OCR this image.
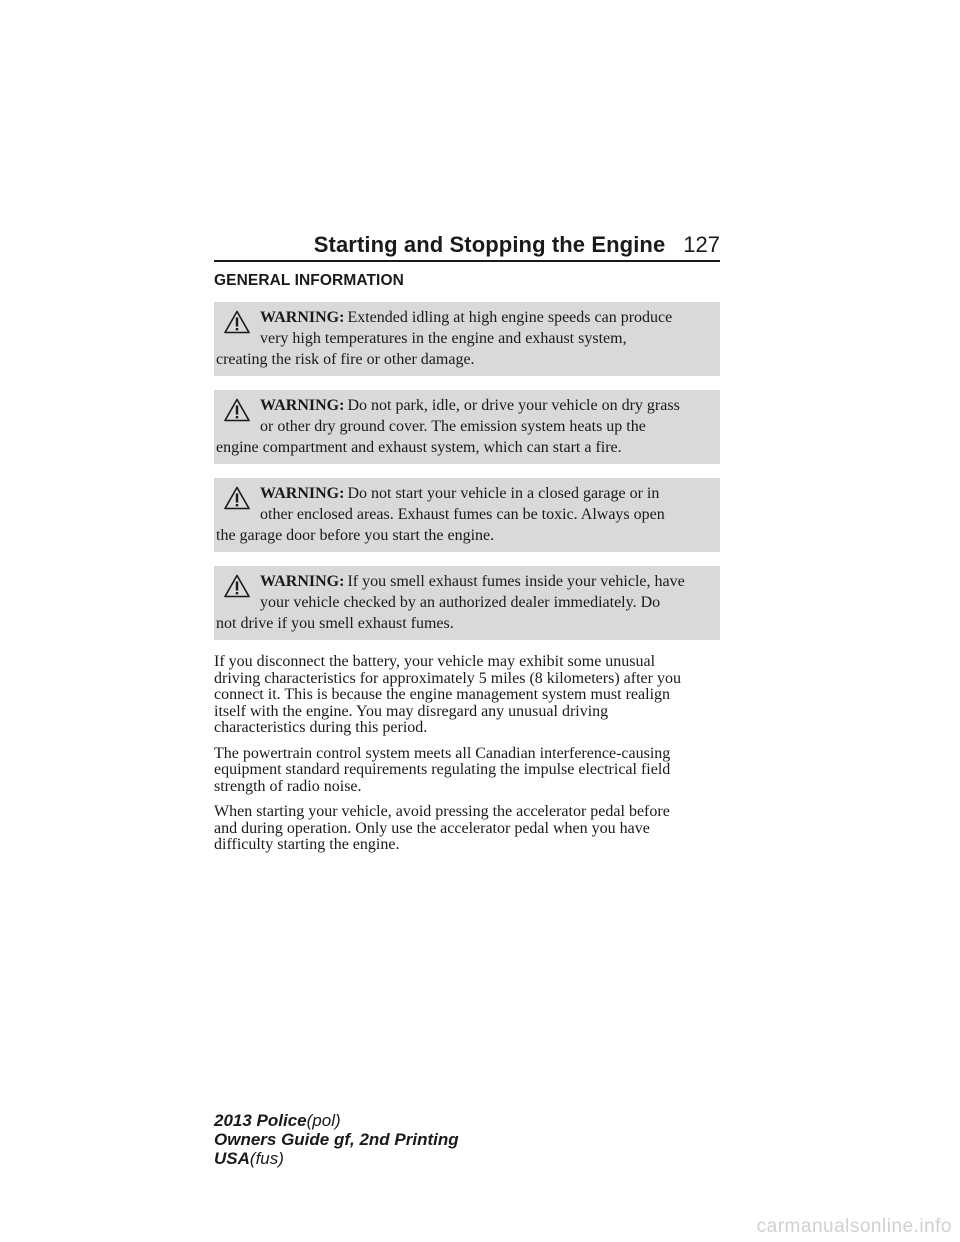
Starting and Stopping the Engine 127
GENERAL INFORMATION
WARNING: Extended idling at high engine speeds can produce
very high temperatures in the engine and exhaust system,
creating the risk of fire or other damage.
WARNING: Do not park, idle, or drive your vehicle on dry grass
or other dry ground cover. The emission system heats up the
engine compartment and exhaust system, which can start a fire.
WARNING: Do not start your vehicle in a closed garage or in
other enclosed areas. Exhaust fumes can be toxic. Always open
the garage door before you start the engine.
WARNING: If you smell exhaust fumes inside your vehicle, have
your vehicle checked by an authorized dealer immediately. Do
not drive if you smell exhaust fumes.

If you disconnect the battery, your vehicle may exhibit some unusual
driving characteristics for approximately 5 miles (8 kilometers) after you
connect it. This is because the engine management system must realign
itself with the engine. You may disregard any unusual driving
characteristics during this period.

The powertrain control system meets all Canadian interference-causing
equipment standard requirements regulating the impulse electrical field
strength of radio noise.

When starting your vehicle, avoid pressing the accelerator pedal before
and during operation. Only use the accelerator pedal when you have
difficulty starting the engine.

2013 Police(pol)
Owners Guide gf, 2nd Printing
USA(fus)
carmanualsonline.info
